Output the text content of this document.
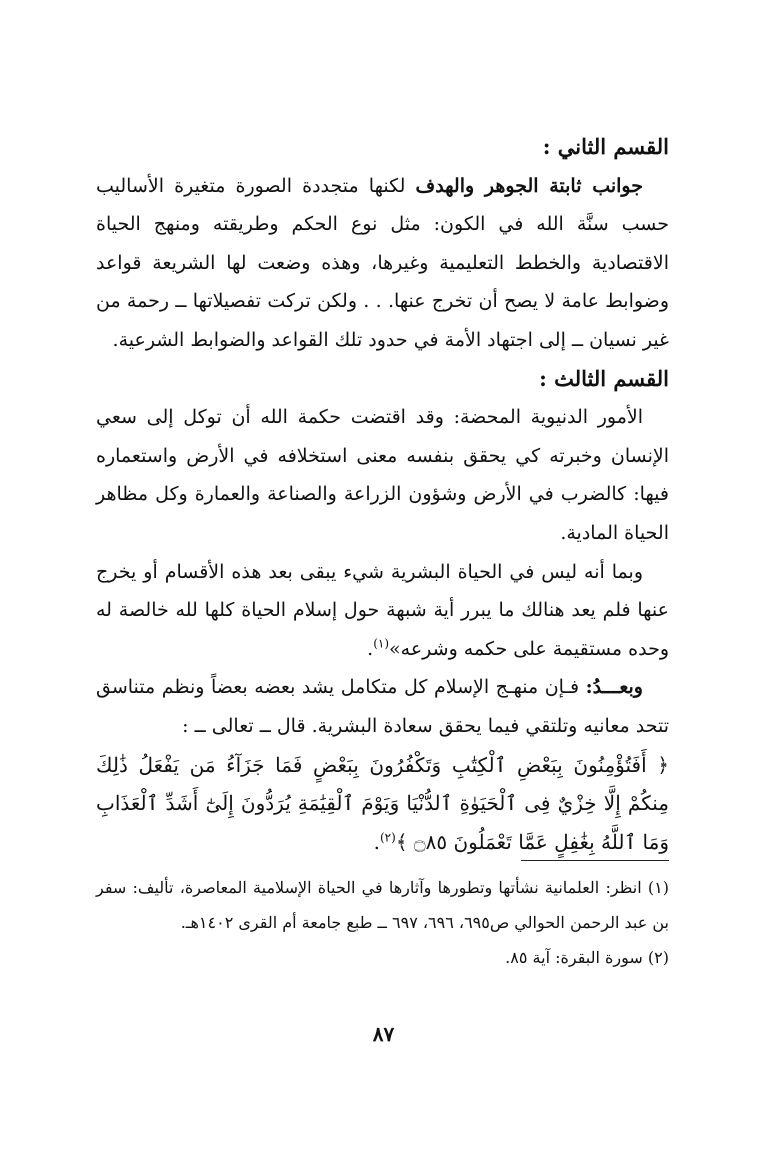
القسم الثاني :

جوانب ثابتة الجوهر والهدف لكنها متجددة الصورة متغيرة الأساليب حسب سنَّة الله في الكون: مثل نوع الحكم وطريقته ومنهج الحياة الاقتصادية والخطط التعليمية وغيرها، وهذه وضعت لها الشريعة قواعد وضوابط عامة لا يصح أن تخرج عنها. . . ولكن تركت تفصيلاتها ــ رحمة من غير نسيان ــ إلى اجتهاد الأمة في حدود تلك القواعد والضوابط الشرعية.

القسم الثالث :

الأمور الدنيوية المحضة: وقد اقتضت حكمة الله أن توكل إلى سعي الإنسان وخبرته كي يحقق بنفسه معنى استخلافه في الأرض واستعماره فيها: كالضرب في الأرض وشؤون الزراعة والصناعة والعمارة وكل مظاهر الحياة المادية.

وبما أنه ليس في الحياة البشرية شيء يبقى بعد هذه الأقسام أو يخرج عنها فلم يعد هنالك ما يبرر أية شبهة حول إسلام الحياة كلها لله خالصة له وحده مستقيمة على حكمه وشرعه»$^{(١)}$.

وبعـــدُ: فـإن منهـج الإسلام كل متكامل يشد بعضه بعضاً ونظم متناسق تتحد معانيه وتلتقي فيما يحقق سعادة البشرية. قال ــ تعالى ــ :

﴿ أَفَتُؤْمِنُونَ بِبَعْضِ ٱلْكِتَٰبِ وَتَكْفُرُونَ بِبَعْضٍ فَمَا جَزَآءُ مَن يَفْعَلُ ذَٰلِكَ مِنكُمْ إِلَّا خِزْيٌ فِى ٱلْحَيَوٰةِ ٱلدُّنْيَا وَيَوْمَ ٱلْقِيَٰمَةِ يُرَدُّونَ إِلَىٰٓ أَشَدِّ ٱلْعَذَابِ وَمَا ٱللَّهُ بِغَٰفِلٍ عَمَّا تَعْمَلُونَ ۝٨٥ ﴾$^{(٢)}$.

(١) انظر: العلمانية نشأتها وتطورها وآثارها في الحياة الإسلامية المعاصرة، تأليف: سفر بن عبد الرحمن الحوالي ص٦٩٥، ٦٩٦، ٦٩٧ ــ طبع جامعة أم القرى ١٤٠٢هـ.

(٢) سورة البقرة: آية ٨٥.

٨٧
